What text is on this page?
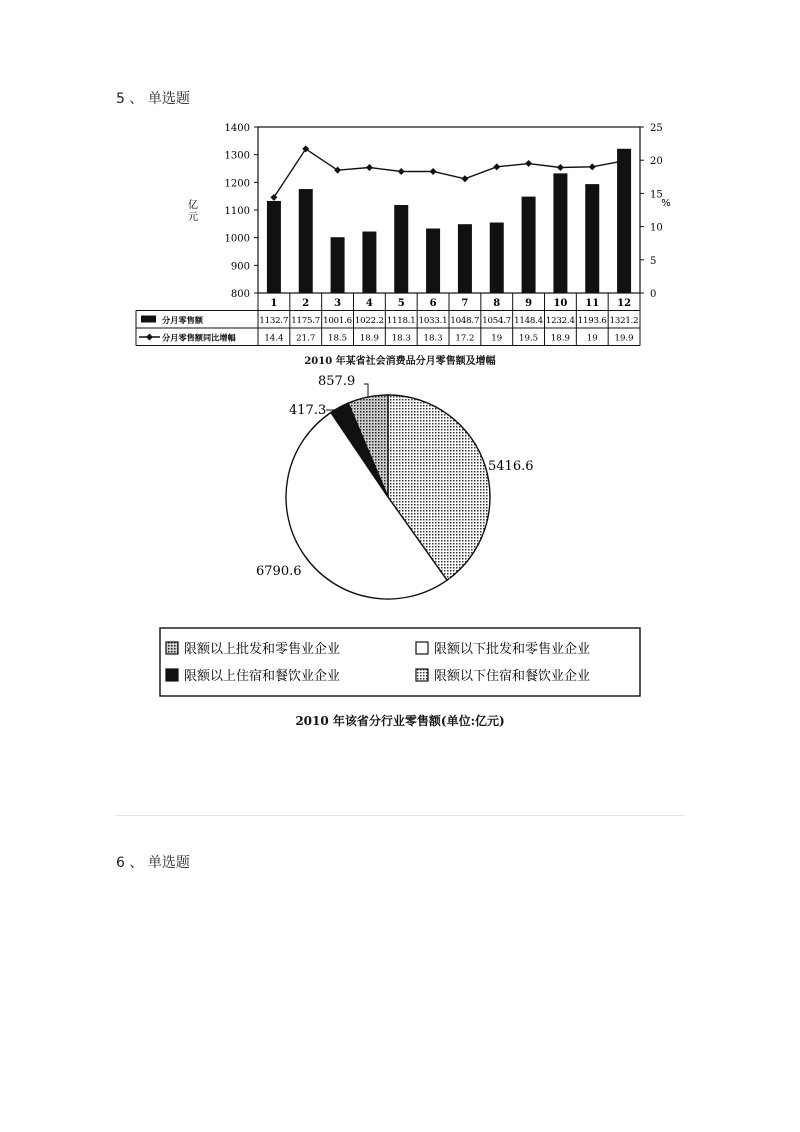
5 、 单选题
800
900
1000
1100
1200
1300
1400
0
5
10
15
20
25
亿
元
%
1 2 3 4 5 6 7 8 9 10 11 12
1132.7 1175.7 1001.6 1022.2 1118.1 1033.1 1048.7 1054.7 1148.4 1232.4 1193.6 1321.2
分月零售额
14.4 21.7 18.5 18.9 18.3 18.3 17.2 19 19.5 18.9 19 19.9
分月零售额同比增幅
2010 年某省社会消费品分月零售额及增幅
5416.6
6790.6
417.3
857.9
限额以上批发和零售业企业	限额以下批发和零售业企业
限额以上住宿和餐饮业企业	限额以下住宿和餐饮业企业
2010 年该省分行业零售额(单位:亿元)
6 、 单选题
